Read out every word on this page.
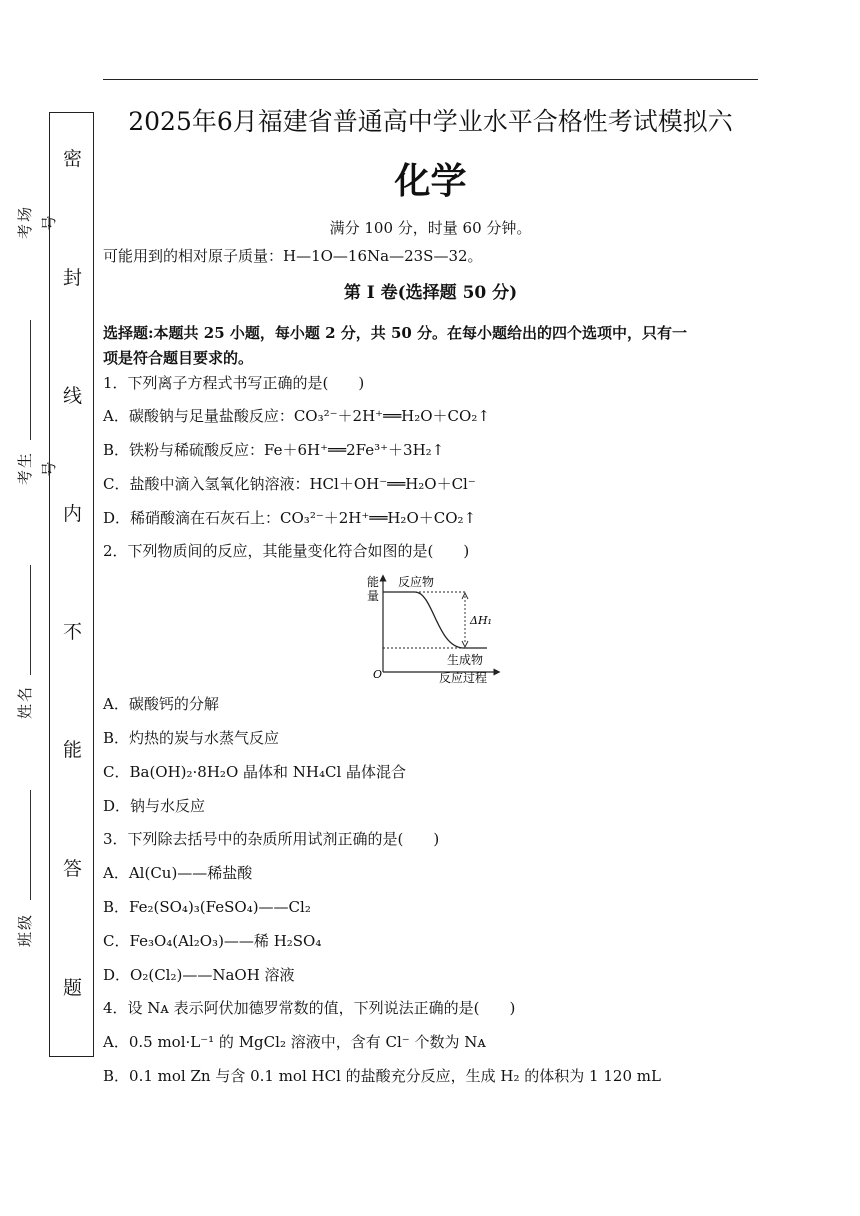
密
封
线
内
不
能
答
题
考场号
考生号
姓名
班级
2025年6月福建省普通高中学业水平合格性考试模拟六
化学
满分 100 分，时量 60 分钟。
可能用到的相对原子质量：H—1O—16Na—23S—32。
第 I 卷(选择题 50 分)
选择题:本题共 25 小题，每小题 2 分，共 50 分。在每小题给出的四个选项中，只有一
项是符合题目要求的。
1．下列离子方程式书写正确的是(　　)
A．碳酸钠与足量盐酸反应：CO₃²⁻＋2H⁺══H₂O＋CO₂↑
B．铁粉与稀硫酸反应：Fe＋6H⁺══2Fe³⁺＋3H₂↑
C．盐酸中滴入氢氧化钠溶液：HCl＋OH⁻══H₂O＋Cl⁻
D．稀硝酸滴在石灰石上：CO₃²⁻＋2H⁺══H₂O＋CO₂↑
2．下列物质间的反应，其能量变化符合如图的是(　　)
能
量
反应物
ΔH₁
生成物
O	反应过程
A．碳酸钙的分解
B．灼热的炭与水蒸气反应
C．Ba(OH)₂·8H₂O 晶体和 NH₄Cl 晶体混合
D．钠与水反应
3．下列除去括号中的杂质所用试剂正确的是(　　)
A．Al(Cu)——稀盐酸
B．Fe₂(SO₄)₃(FeSO₄)——Cl₂
C．Fe₃O₄(Al₂O₃)——稀 H₂SO₄
D．O₂(Cl₂)——NaOH 溶液
4．设 Nᴀ 表示阿伏加德罗常数的值，下列说法正确的是(　　)
A．0.5 mol·L⁻¹ 的 MgCl₂ 溶液中，含有 Cl⁻ 个数为 Nᴀ
B．0.1 mol Zn 与含 0.1 mol HCl 的盐酸充分反应，生成 H₂ 的体积为 1 120 mL
